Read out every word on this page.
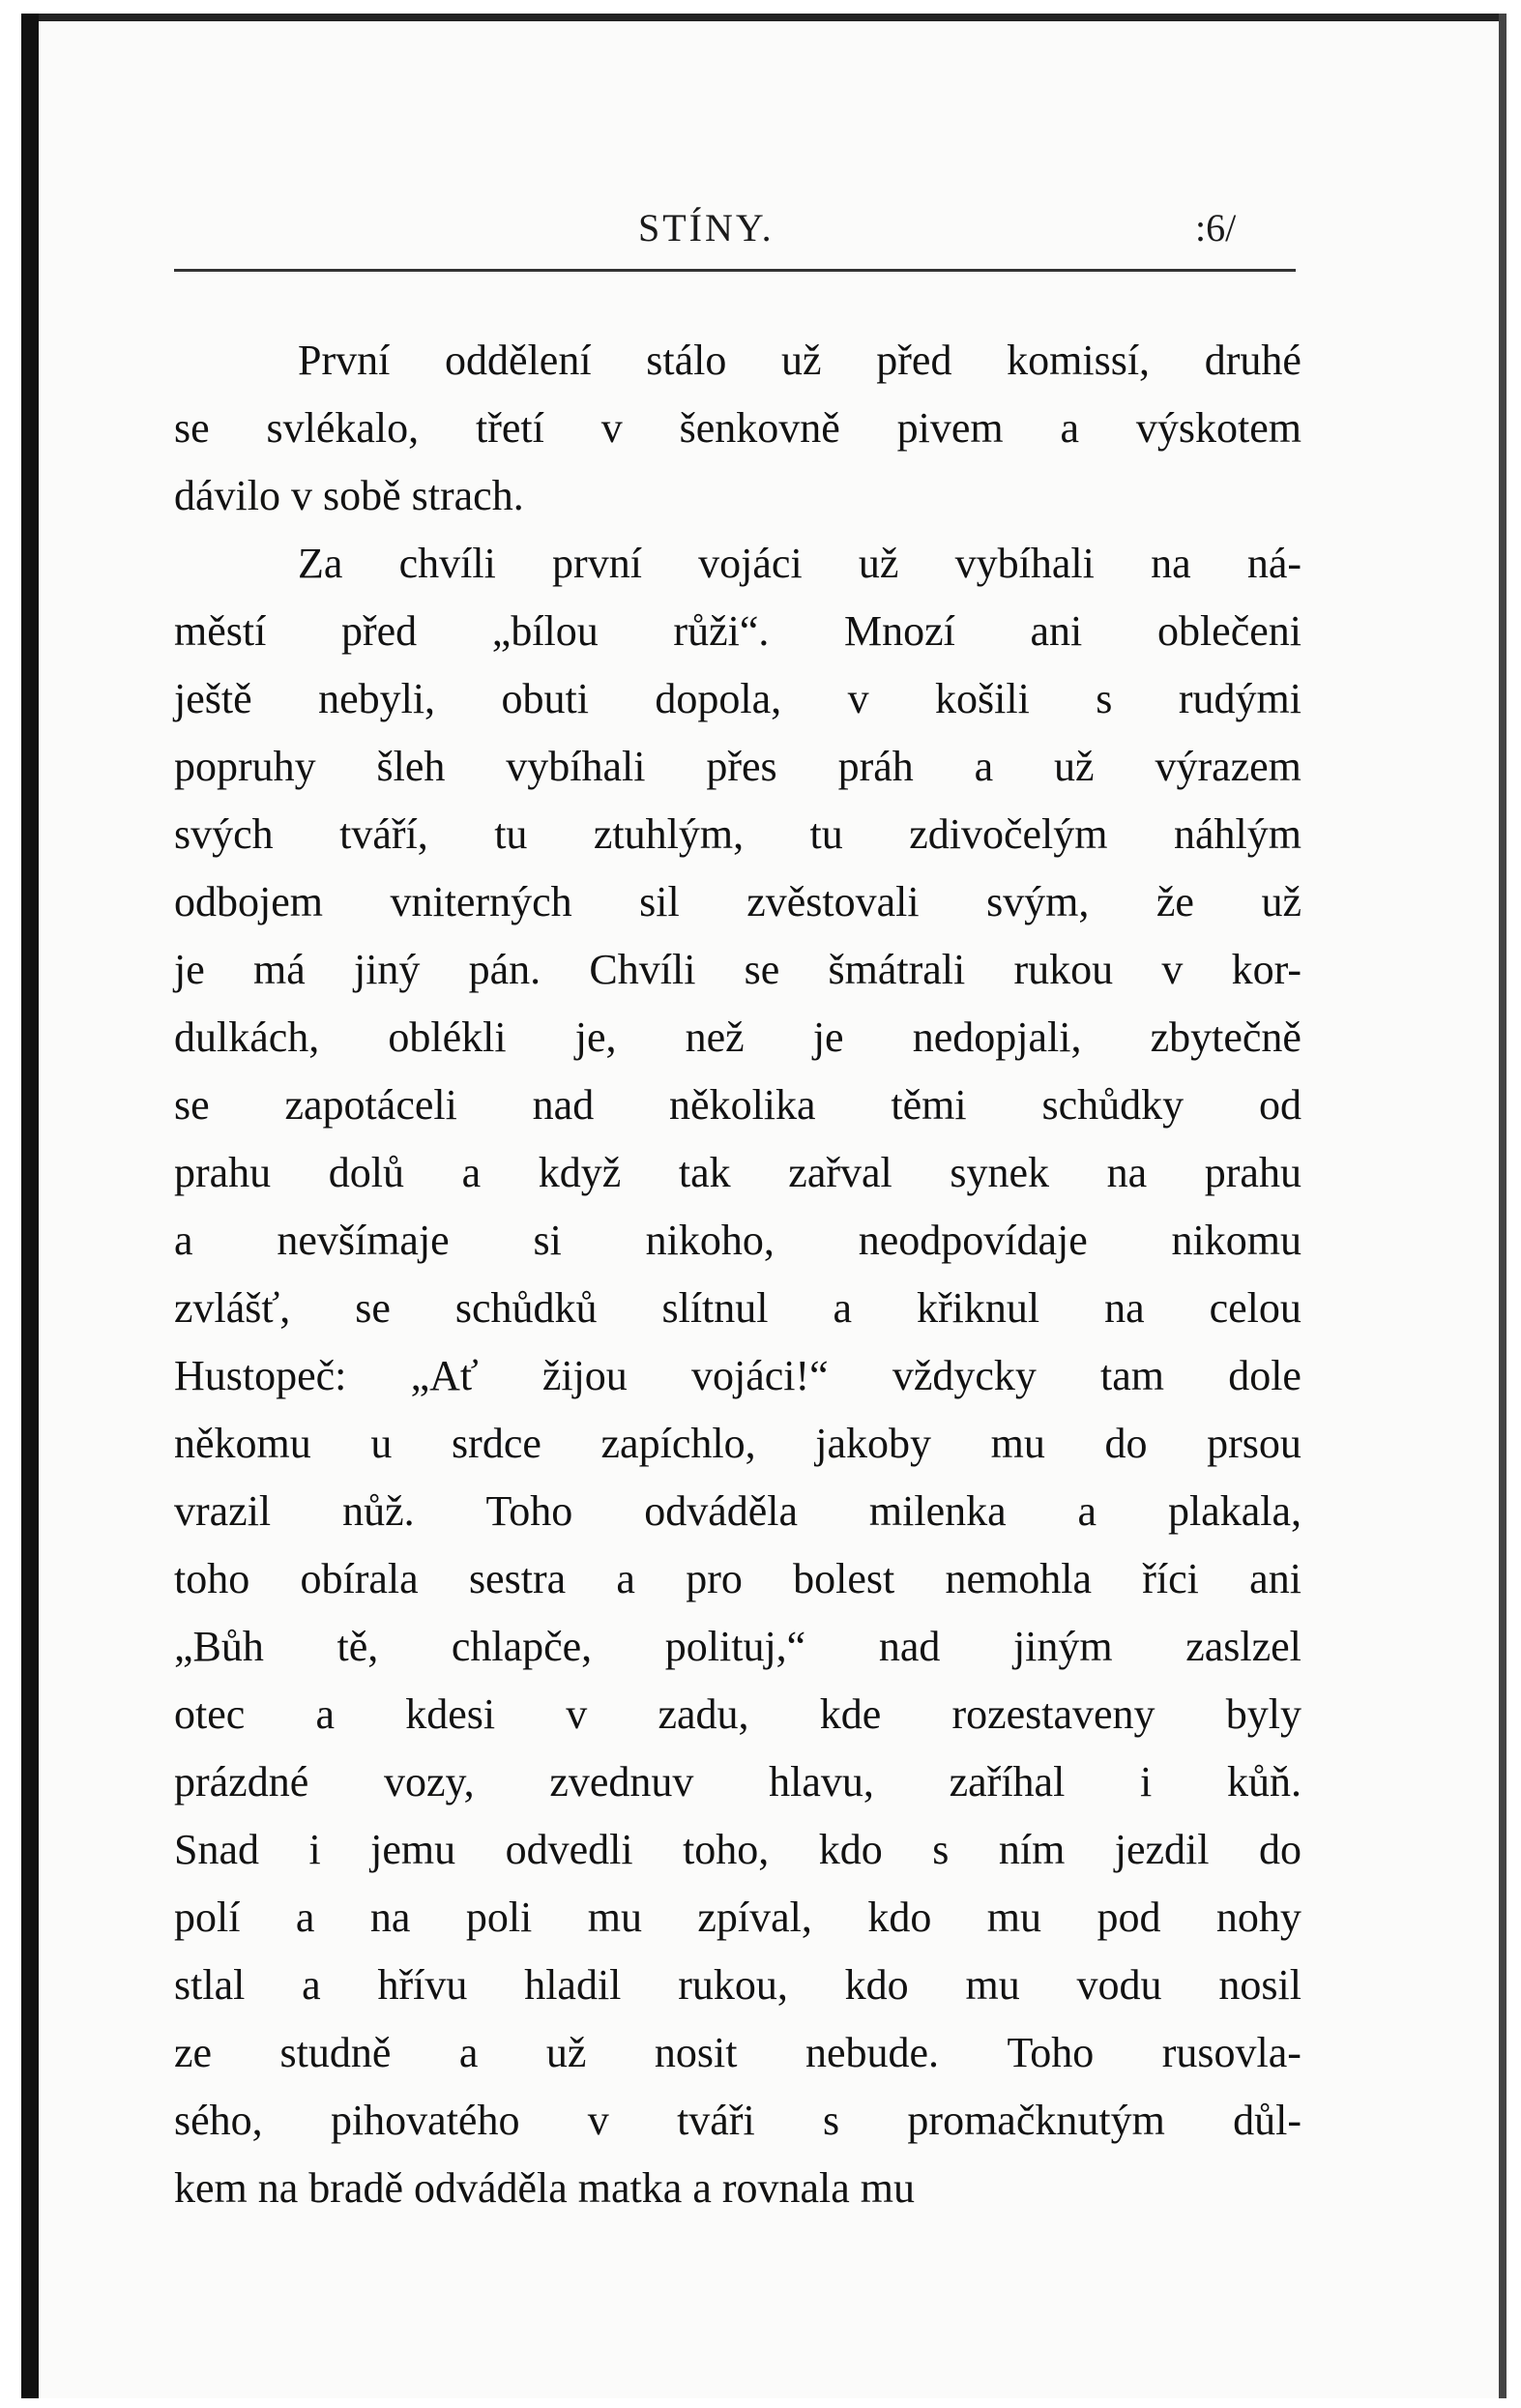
STÍNY.	:6/
První oddělení stálo už před komissí, druhé
se svlékalo, třetí v šenkovně pivem a výskotem
dávilo v sobě strach.
Za chvíli první vojáci už vybíhali na ná-
městí před „bílou růži“. Mnozí ani oblečeni
ještě nebyli, obuti dopola, v košili s rudými
popruhy šleh vybíhali přes práh a už výrazem
svých tváří, tu ztuhlým, tu zdivočelým náhlým
odbojem vniterných sil zvěstovali svým, že už
je má jiný pán. Chvíli se šmátrali rukou v kor-
dulkách, oblékli je, než je nedopjali, zbytečně
se zapotáceli nad několika těmi schůdky od
prahu dolů a když tak zařval synek na prahu
a nevšímaje si nikoho, neodpovídaje nikomu
zvlášť, se schůdků slítnul a křiknul na celou
Hustopeč: „Ať žijou vojáci!“ vždycky tam dole
někomu u srdce zapíchlo, jakoby mu do prsou
vrazil nůž. Toho odváděla milenka a plakala,
toho obírala sestra a pro bolest nemohla říci ani
„Bůh tě, chlapče, polituj,“ nad jiným zaslzel
otec a kdesi v zadu, kde rozestaveny byly
prázdné vozy, zvednuv hlavu, zaříhal i kůň.
Snad i jemu odvedli toho, kdo s ním jezdil do
polí a na poli mu zpíval, kdo mu pod nohy
stlal a hřívu hladil rukou, kdo mu vodu nosil
ze studně a už nosit nebude. Toho rusovla-
sého, pihovatého v tváři s promačknutým důl-
kem na bradě odváděla matka a rovnala mu
